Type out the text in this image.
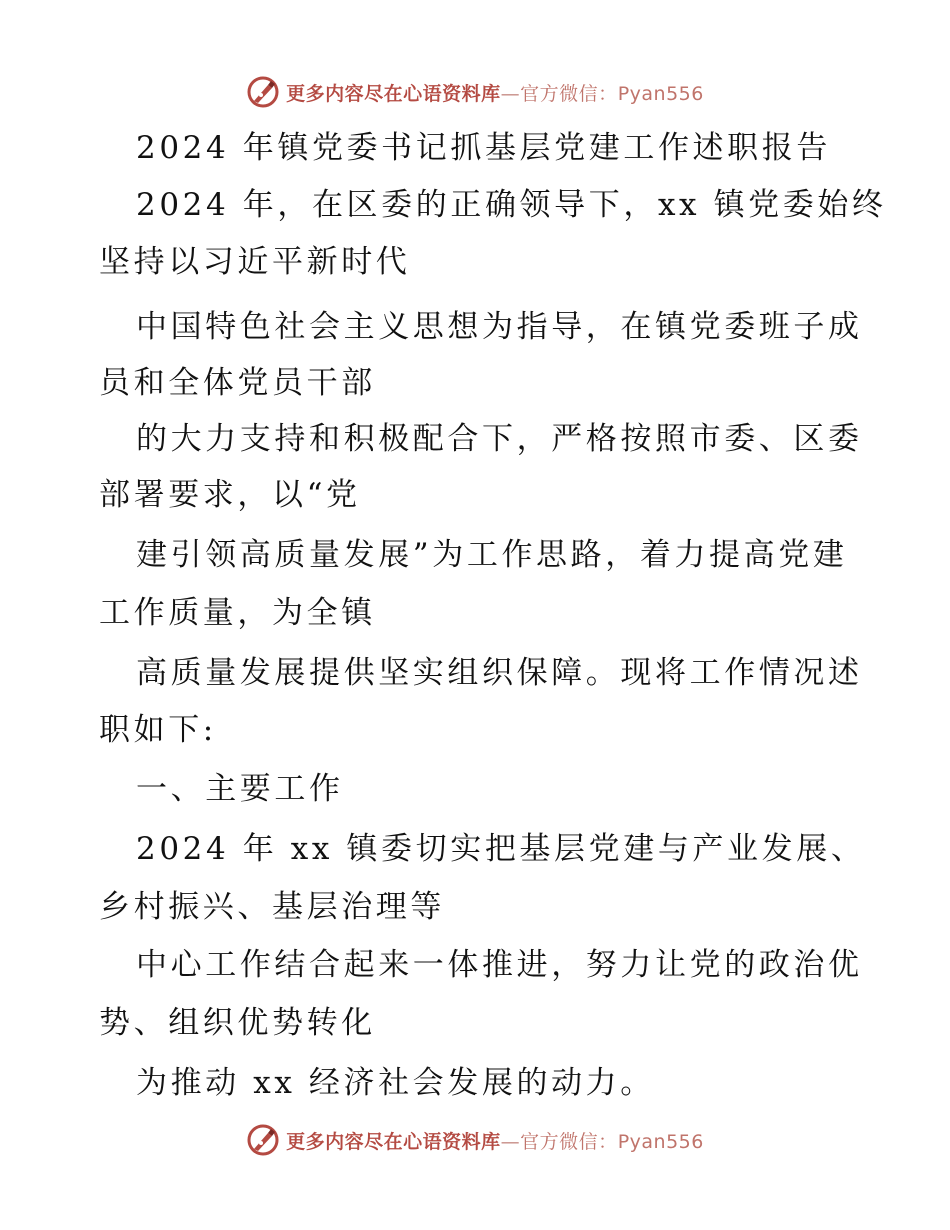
更多内容尽在心语资料库—官方微信：Pyan556
2024 年镇党委书记抓基层党建工作述职报告
2024 年，在区委的正确领导下，xx 镇党委始终
坚持以习近平新时代
中国特色社会主义思想为指导，在镇党委班子成
员和全体党员干部
的大力支持和积极配合下，严格按照市委、区委
部署要求，以“党
建引领高质量发展”为工作思路，着力提高党建
工作质量，为全镇
高质量发展提供坚实组织保障。现将工作情况述
职如下:
一、主要工作
2024 年 xx 镇委切实把基层党建与产业发展、
乡村振兴、基层治理等
中心工作结合起来一体推进，努力让党的政治优
势、组织优势转化
为推动 xx 经济社会发展的动力。
更多内容尽在心语资料库—官方微信：Pyan556
